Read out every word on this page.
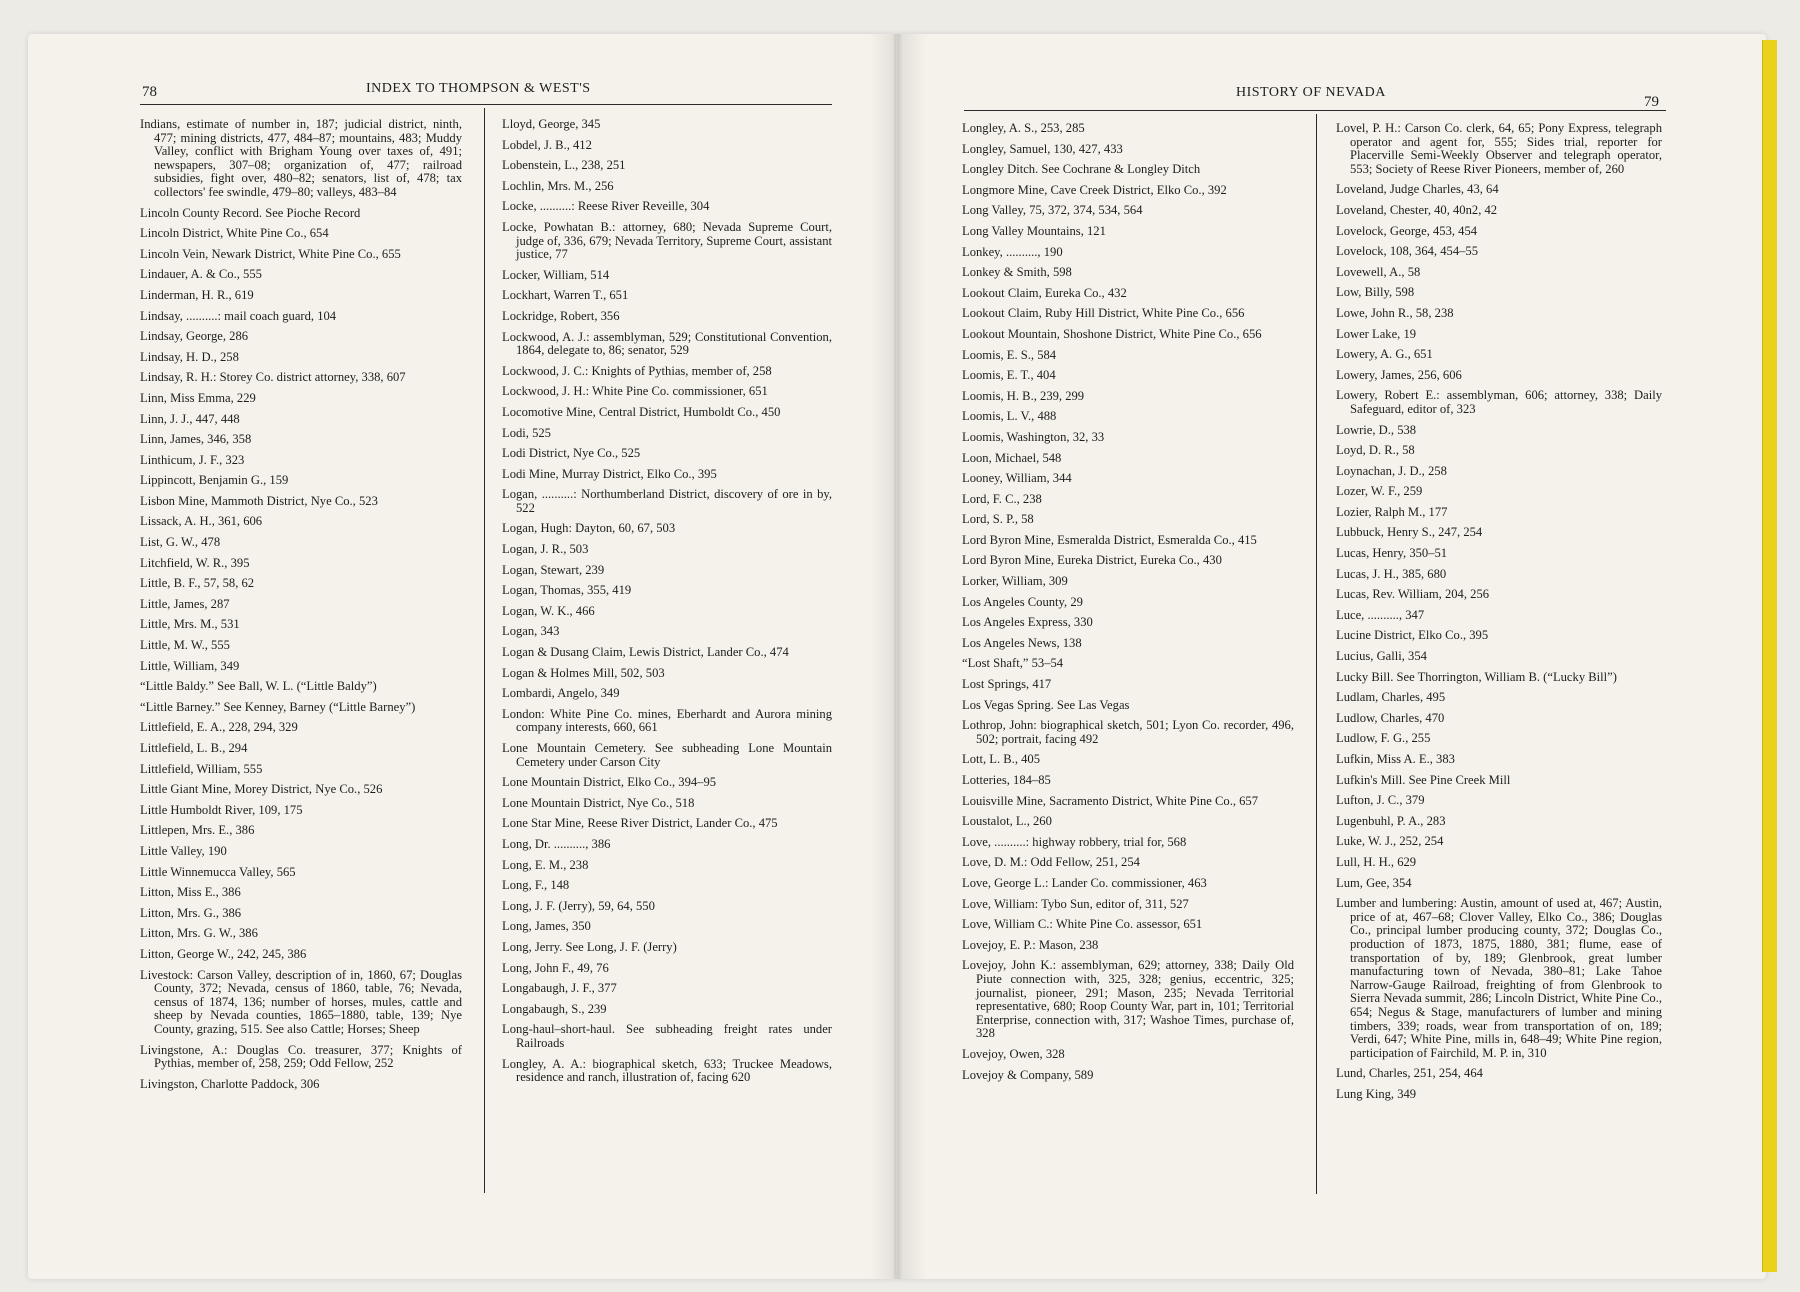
78	INDEX TO THOMPSON & WEST'S	HISTORY OF NEVADA
79
Indians, estimate of number in, 187; judicial district, ninth, 477; mining districts, 477, 484–87; mountains, 483; Muddy Valley, conflict with Brigham Young over taxes of, 491; newspapers, 307–08; organization of, 477; railroad subsidies, fight over, 480–82; senators, list of, 478; tax collectors' fee swindle, 479–80; valleys, 483–84
Lincoln County Record. See Pioche Record
Lincoln District, White Pine Co., 654
Lincoln Vein, Newark District, White Pine Co., 655
Lindauer, A. & Co., 555
Linderman, H. R., 619
Lindsay, ..........: mail coach guard, 104
Lindsay, George, 286
Lindsay, H. D., 258
Lindsay, R. H.: Storey Co. district attorney, 338, 607
Linn, Miss Emma, 229
Linn, J. J., 447, 448
Linn, James, 346, 358
Linthicum, J. F., 323
Lippincott, Benjamin G., 159
Lisbon Mine, Mammoth District, Nye Co., 523
Lissack, A. H., 361, 606
List, G. W., 478
Litchfield, W. R., 395
Little, B. F., 57, 58, 62
Little, James, 287
Little, Mrs. M., 531
Little, M. W., 555
Little, William, 349
“Little Baldy.” See Ball, W. L. (“Little Baldy”)
“Little Barney.” See Kenney, Barney (“Little Barney”)
Littlefield, E. A., 228, 294, 329
Littlefield, L. B., 294
Littlefield, William, 555
Little Giant Mine, Morey District, Nye Co., 526
Little Humboldt River, 109, 175
Littlepen, Mrs. E., 386
Little Valley, 190
Little Winnemucca Valley, 565
Litton, Miss E., 386
Litton, Mrs. G., 386
Litton, Mrs. G. W., 386
Litton, George W., 242, 245, 386
Livestock: Carson Valley, description of in, 1860, 67; Douglas County, 372; Nevada, census of 1860, table, 76; Nevada, census of 1874, 136; number of horses, mules, cattle and sheep by Nevada counties, 1865–1880, table, 139; Nye County, grazing, 515. See also Cattle; Horses; Sheep
Livingstone, A.: Douglas Co. treasurer, 377; Knights of Pythias, member of, 258, 259; Odd Fellow, 252
Livingston, Charlotte Paddock, 306
Lloyd, George, 345
Lobdel, J. B., 412
Lobenstein, L., 238, 251
Lochlin, Mrs. M., 256
Locke, ..........: Reese River Reveille, 304
Locke, Powhatan B.: attorney, 680; Nevada Supreme Court, judge of, 336, 679; Nevada Territory, Supreme Court, assistant justice, 77
Locker, William, 514
Lockhart, Warren T., 651
Lockridge, Robert, 356
Lockwood, A. J.: assemblyman, 529; Constitutional Convention, 1864, delegate to, 86; senator, 529
Lockwood, J. C.: Knights of Pythias, member of, 258
Lockwood, J. H.: White Pine Co. commissioner, 651
Locomotive Mine, Central District, Humboldt Co., 450
Lodi, 525
Lodi District, Nye Co., 525
Lodi Mine, Murray District, Elko Co., 395
Logan, ..........: Northumberland District, discovery of ore in by, 522
Logan, Hugh: Dayton, 60, 67, 503
Logan, J. R., 503
Logan, Stewart, 239
Logan, Thomas, 355, 419
Logan, W. K., 466
Logan, 343
Logan & Dusang Claim, Lewis District, Lander Co., 474
Logan & Holmes Mill, 502, 503
Lombardi, Angelo, 349
London: White Pine Co. mines, Eberhardt and Aurora mining company interests, 660, 661
Lone Mountain Cemetery. See subheading Lone Mountain Cemetery under Carson City
Lone Mountain District, Elko Co., 394–95
Lone Mountain District, Nye Co., 518
Lone Star Mine, Reese River District, Lander Co., 475
Long, Dr. .........., 386
Long, E. M., 238
Long, F., 148
Long, J. F. (Jerry), 59, 64, 550
Long, James, 350
Long, Jerry. See Long, J. F. (Jerry)
Long, John F., 49, 76
Longabaugh, J. F., 377
Longabaugh, S., 239
Long-haul–short-haul. See subheading freight rates under Railroads
Longley, A. A.: biographical sketch, 633; Truckee Meadows, residence and ranch, illustration of, facing 620
Longley, A. S., 253, 285
Longley, Samuel, 130, 427, 433
Longley Ditch. See Cochrane & Longley Ditch
Longmore Mine, Cave Creek District, Elko Co., 392
Long Valley, 75, 372, 374, 534, 564
Long Valley Mountains, 121
Lonkey, .........., 190
Lonkey & Smith, 598
Lookout Claim, Eureka Co., 432
Lookout Claim, Ruby Hill District, White Pine Co., 656
Lookout Mountain, Shoshone District, White Pine Co., 656
Loomis, E. S., 584
Loomis, E. T., 404
Loomis, H. B., 239, 299
Loomis, L. V., 488
Loomis, Washington, 32, 33
Loon, Michael, 548
Looney, William, 344
Lord, F. C., 238
Lord, S. P., 58
Lord Byron Mine, Esmeralda District, Esmeralda Co., 415
Lord Byron Mine, Eureka District, Eureka Co., 430
Lorker, William, 309
Los Angeles County, 29
Los Angeles Express, 330
Los Angeles News, 138
“Lost Shaft,” 53–54
Lost Springs, 417
Los Vegas Spring. See Las Vegas
Lothrop, John: biographical sketch, 501; Lyon Co. recorder, 496, 502; portrait, facing 492
Lott, L. B., 405
Lotteries, 184–85
Louisville Mine, Sacramento District, White Pine Co., 657
Loustalot, L., 260
Love, ..........: highway robbery, trial for, 568
Love, D. M.: Odd Fellow, 251, 254
Love, George L.: Lander Co. commissioner, 463
Love, William: Tybo Sun, editor of, 311, 527
Love, William C.: White Pine Co. assessor, 651
Lovejoy, E. P.: Mason, 238
Lovejoy, John K.: assemblyman, 629; attorney, 338; Daily Old Piute connection with, 325, 328; genius, eccentric, 325; journalist, pioneer, 291; Mason, 235; Nevada Territorial representative, 680; Roop County War, part in, 101; Territorial Enterprise, connection with, 317; Washoe Times, purchase of, 328
Lovejoy, Owen, 328
Lovejoy & Company, 589
Lovel, P. H.: Carson Co. clerk, 64, 65; Pony Express, telegraph operator and agent for, 555; Sides trial, reporter for Placerville Semi-Weekly Observer and telegraph operator, 553; Society of Reese River Pioneers, member of, 260
Loveland, Judge Charles, 43, 64
Loveland, Chester, 40, 40n2, 42
Lovelock, George, 453, 454
Lovelock, 108, 364, 454–55
Lovewell, A., 58
Low, Billy, 598
Lowe, John R., 58, 238
Lower Lake, 19
Lowery, A. G., 651
Lowery, James, 256, 606
Lowery, Robert E.: assemblyman, 606; attorney, 338; Daily Safeguard, editor of, 323
Lowrie, D., 538
Loyd, D. R., 58
Loynachan, J. D., 258
Lozer, W. F., 259
Lozier, Ralph M., 177
Lubbuck, Henry S., 247, 254
Lucas, Henry, 350–51
Lucas, J. H., 385, 680
Lucas, Rev. William, 204, 256
Luce, .........., 347
Lucine District, Elko Co., 395
Lucius, Galli, 354
Lucky Bill. See Thorrington, William B. (“Lucky Bill”)
Ludlam, Charles, 495
Ludlow, Charles, 470
Ludlow, F. G., 255
Lufkin, Miss A. E., 383
Lufkin's Mill. See Pine Creek Mill
Lufton, J. C., 379
Lugenbuhl, P. A., 283
Luke, W. J., 252, 254
Lull, H. H., 629
Lum, Gee, 354
Lumber and lumbering: Austin, amount of used at, 467; Austin, price of at, 467–68; Clover Valley, Elko Co., 386; Douglas Co., principal lumber producing county, 372; Douglas Co., production of 1873, 1875, 1880, 381; flume, ease of transportation of by, 189; Glenbrook, great lumber manufacturing town of Nevada, 380–81; Lake Tahoe Narrow-Gauge Railroad, freighting of from Glenbrook to Sierra Nevada summit, 286; Lincoln District, White Pine Co., 654; Negus & Stage, manufacturers of lumber and mining timbers, 339; roads, wear from transportation of on, 189; Verdi, 647; White Pine, mills in, 648–49; White Pine region, participation of Fairchild, M. P. in, 310
Lund, Charles, 251, 254, 464
Lung King, 349
